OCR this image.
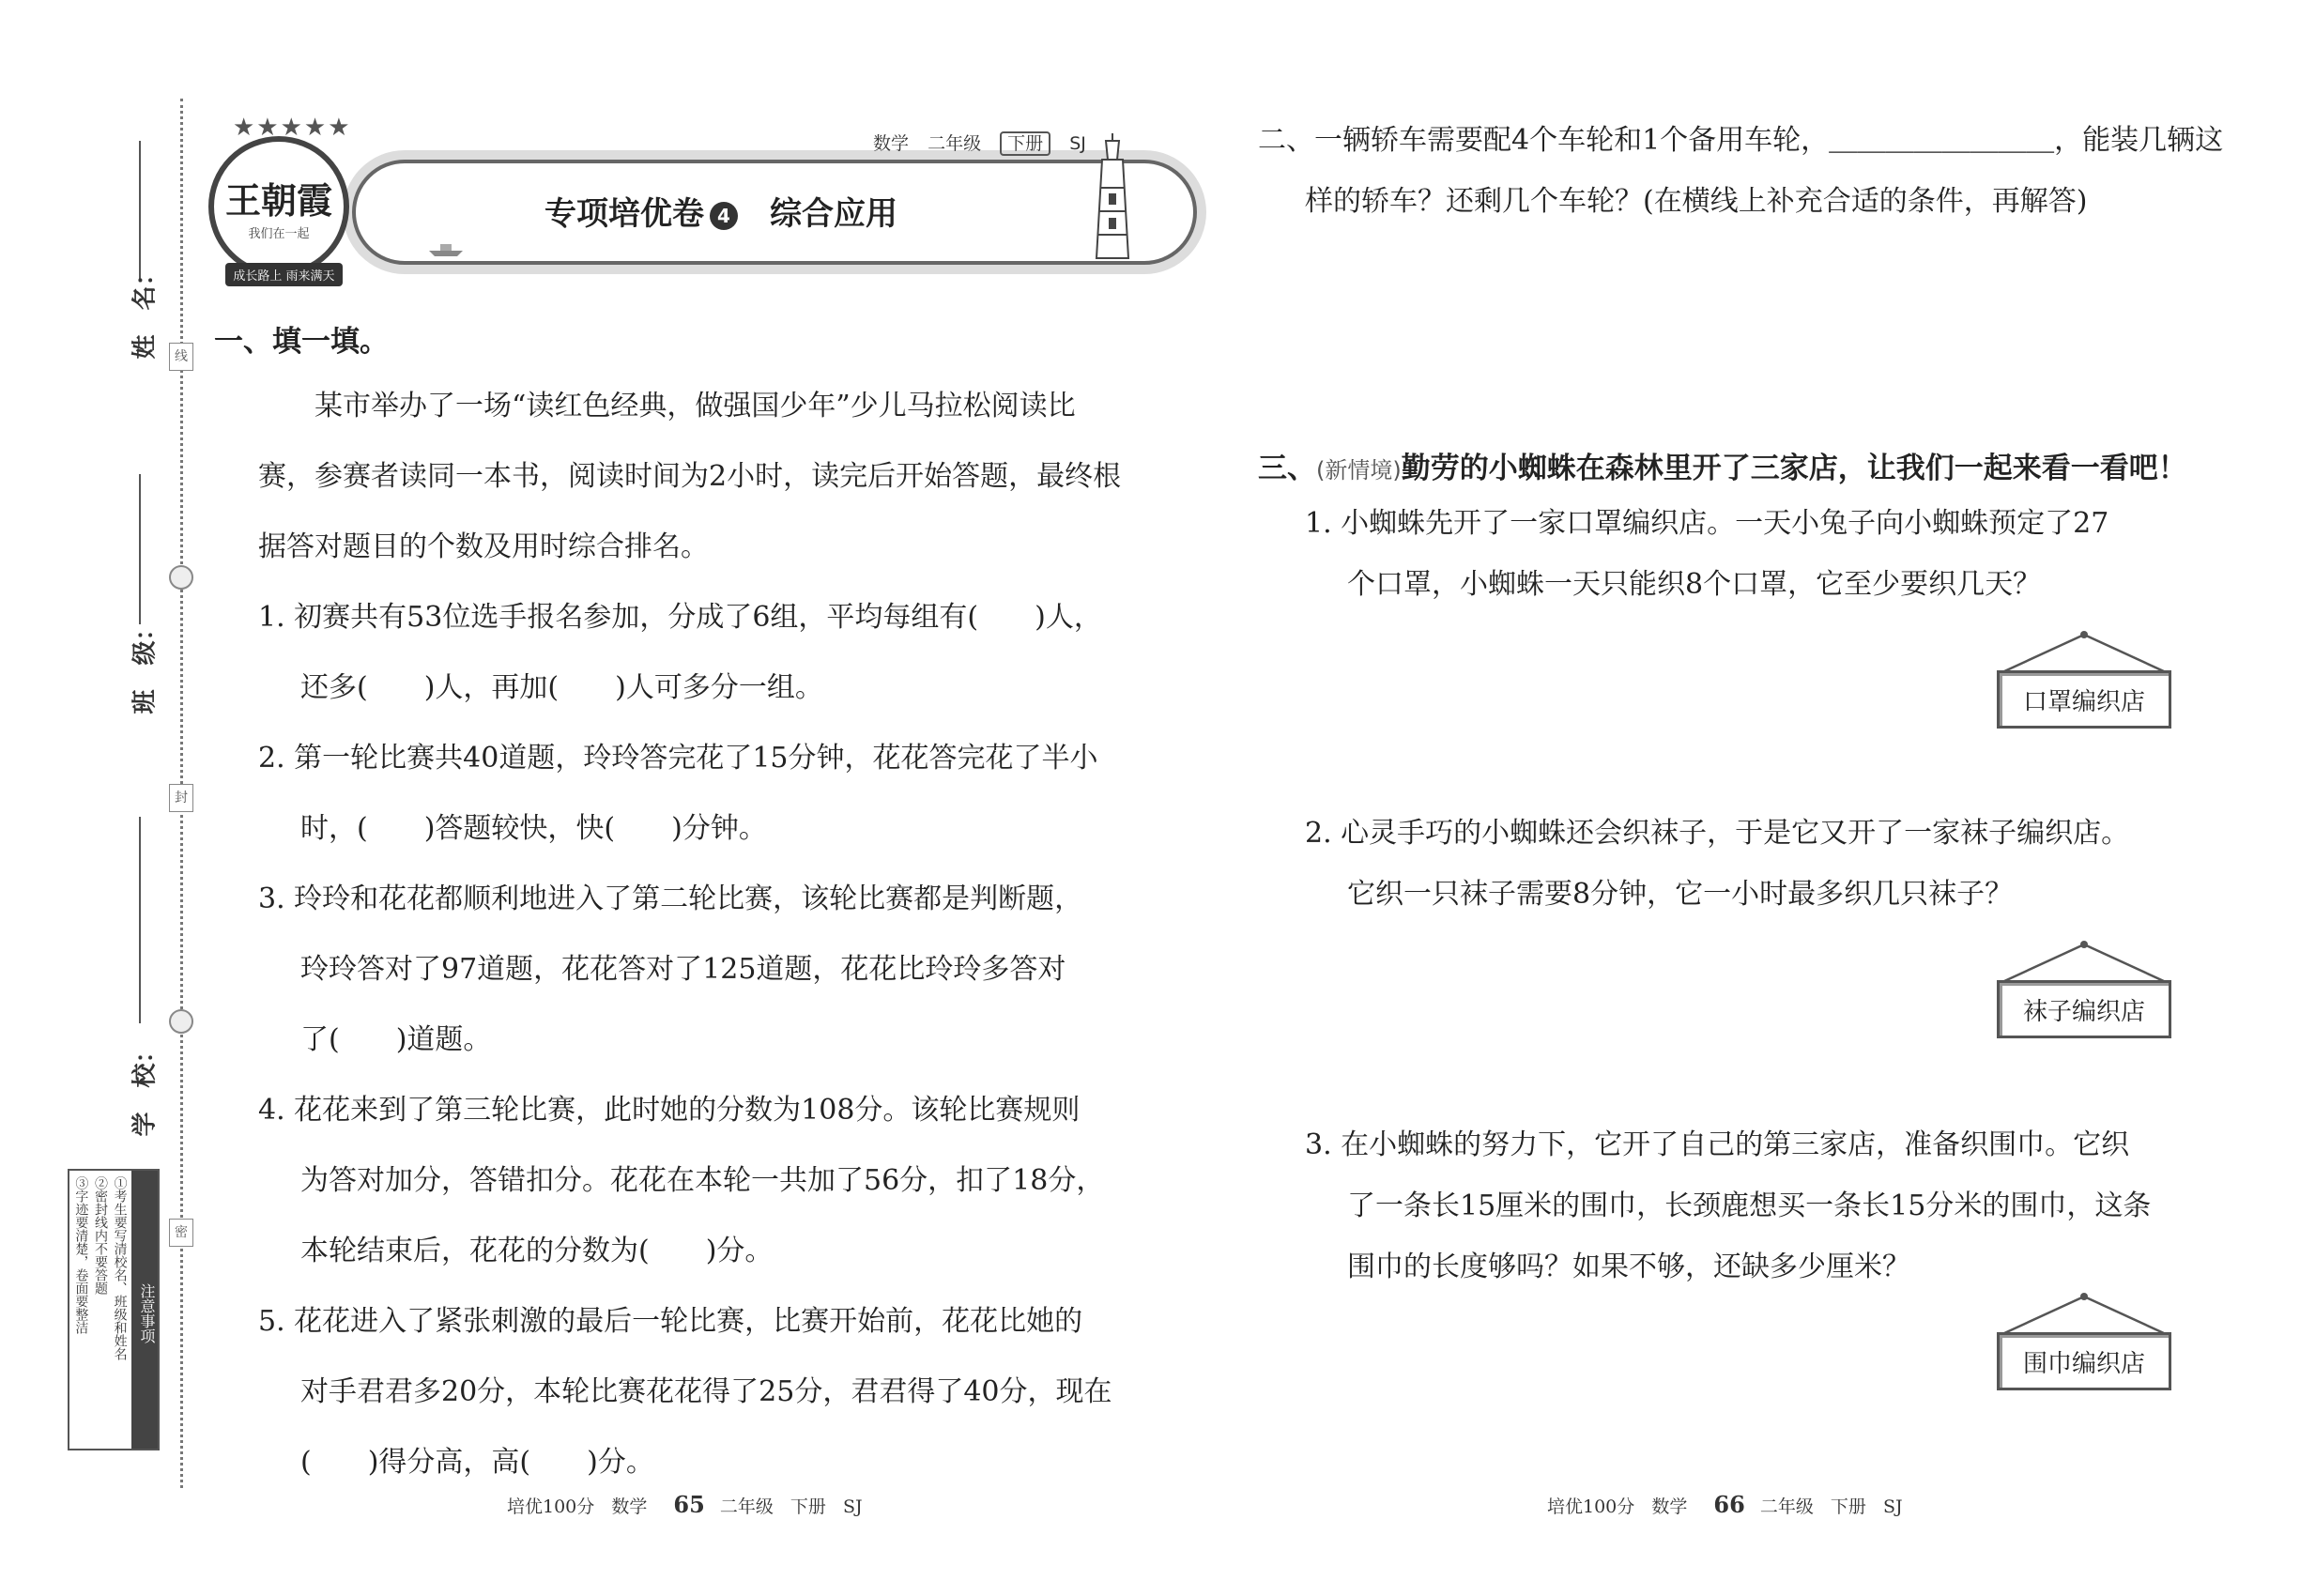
姓　名：
班　级：
学　校：
线
封
密
注意事项
①考生要写清校名、班级和姓名
②密封线内不要答题
③字迹要清楚，卷面要整洁
★★★★★
王朝霞
我们在一起
成长路上 雨来满天
数学 二年级 下册 SJ
专项培优卷 4	综合应用
一、填一填。
某市举办了一场“读红色经典，做强国少年”少儿马拉松阅读比
赛，参赛者读同一本书，阅读时间为2小时，读完后开始答题，最终根
据答对题目的个数及用时综合排名。
1. 初赛共有53位选手报名参加，分成了6组，平均每组有(　　)人，
还多(　　)人，再加(　　)人可多分一组。
2. 第一轮比赛共40道题，玲玲答完花了15分钟，花花答完花了半小
时，(　　)答题较快，快(　　)分钟。
3. 玲玲和花花都顺利地进入了第二轮比赛，该轮比赛都是判断题，
玲玲答对了97道题，花花答对了125道题，花花比玲玲多答对
了(　　)道题。
4. 花花来到了第三轮比赛，此时她的分数为108分。该轮比赛规则
为答对加分，答错扣分。花花在本轮一共加了56分，扣了18分，
本轮结束后，花花的分数为(　　)分。
5. 花花进入了紧张刺激的最后一轮比赛，比赛开始前，花花比她的
对手君君多20分，本轮比赛花花得了25分，君君得了40分，现在
(　　)得分高，高(　　)分。
二、一辆轿车需要配4个车轮和1个备用车轮，＿＿＿＿＿＿＿＿，能装几辆这
样的轿车？还剩几个车轮？(在横线上补充合适的条件，再解答)
三、(新情境)勤劳的小蜘蛛在森林里开了三家店，让我们一起来看一看吧！
1. 小蜘蛛先开了一家口罩编织店。一天小兔子向小蜘蛛预定了27
个口罩，小蜘蛛一天只能织8个口罩，它至少要织几天？
口罩编织店
2. 心灵手巧的小蜘蛛还会织袜子，于是它又开了一家袜子编织店。
它织一只袜子需要8分钟，它一小时最多织几只袜子？
袜子编织店
3. 在小蜘蛛的努力下，它开了自己的第三家店，准备织围巾。它织
了一条长15厘米的围巾，长颈鹿想买一条长15分米的围巾，这条
围巾的长度够吗？如果不够，还缺多少厘米？
围巾编织店
培优100分 数学 65 二年级 下册 SJ	培优100分 数学 66 二年级 下册 SJ
